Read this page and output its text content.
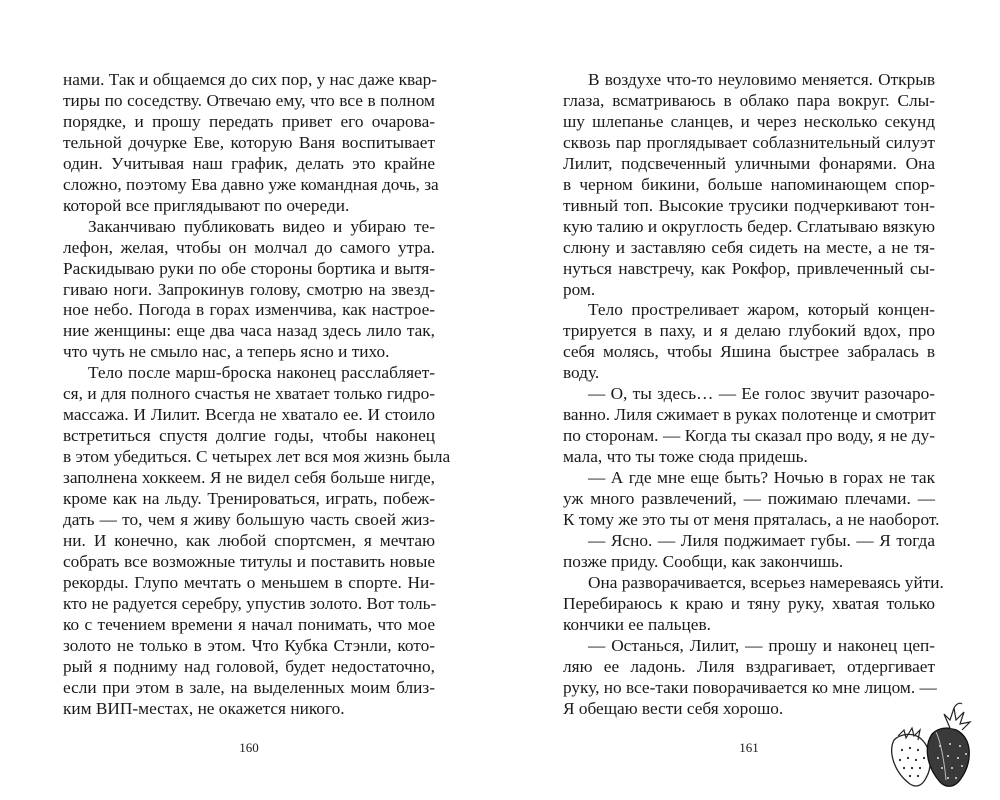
нами. Так и общаемся до сих пор, у нас даже квар-
тиры по соседству. Отвечаю ему, что все в полном
порядке, и прошу передать привет его очарова-
тельной дочурке Еве, которую Ваня воспитывает
один. Учитывая наш график, делать это крайне
сложно, поэтому Ева давно уже командная дочь, за
которой все приглядывают по очереди.

Заканчиваю публиковать видео и убираю те-
лефон, желая, чтобы он молчал до самого утра.
Раскидываю руки по обе стороны бортика и вытя-
гиваю ноги. Запрокинув голову, смотрю на звезд-
ное небо. Погода в горах изменчива, как настрое-
ние женщины: еще два часа назад здесь лило так,
что чуть не смыло нас, а теперь ясно и тихо.

Тело после марш-броска наконец расслабляет-
ся, и для полного счастья не хватает только гидро-
массажа. И Лилит. Всегда не хватало ее. И стоило
встретиться спустя долгие годы, чтобы наконец
в этом убедиться. С четырех лет вся моя жизнь была
заполнена хоккеем. Я не видел себя больше нигде,
кроме как на льду. Тренироваться, играть, побеж-
дать — то, чем я живу большую часть своей жиз-
ни. И конечно, как любой спортсмен, я мечтаю
собрать все возможные титулы и поставить новые
рекорды. Глупо мечтать о меньшем в спорте. Ни-
кто не радуется серебру, упустив золото. Вот толь-
ко с течением времени я начал понимать, что мое
золото не только в этом. Что Кубка Стэнли, кото-
рый я подниму над головой, будет недостаточно,
если при этом в зале, на выделенных моим близ-
ким ВИП-местах, не окажется никого.

В воздухе что-то неуловимо меняется. Открыв
глаза, всматриваюсь в облако пара вокруг. Слы-
шу шлепанье сланцев, и через несколько секунд
сквозь пар проглядывает соблазнительный силуэт
Лилит, подсвеченный уличными фонарями. Она
в черном бикини, больше напоминающем спор-
тивный топ. Высокие трусики подчеркивают тон-
кую талию и округлость бедер. Сглатываю вязкую
слюну и заставляю себя сидеть на месте, а не тя-
нуться навстречу, как Рокфор, привлеченный сы-
ром.

Тело простреливает жаром, который концен-
трируется в паху, и я делаю глубокий вдох, про
себя молясь, чтобы Яшина быстрее забралась в
воду.

— О, ты здесь… — Ее голос звучит разочаро-
ванно. Лиля сжимает в руках полотенце и смотрит
по сторонам. — Когда ты сказал про воду, я не ду-
мала, что ты тоже сюда придешь.

— А где мне еще быть? Ночью в горах не так
уж много развлечений, — пожимаю плечами. —
К тому же это ты от меня пряталась, а не наоборот.

— Ясно. — Лиля поджимает губы. — Я тогда
позже приду. Сообщи, как закончишь.

Она разворачивается, всерьез намереваясь уйти.
Перебираюсь к краю и тяну руку, хватая только
кончики ее пальцев.

— Останься, Лилит, — прошу и наконец цеп-
ляю ее ладонь. Лиля вздрагивает, отдергивает
руку, но все-таки поворачивается ко мне лицом. —
Я обещаю вести себя хорошо.

160	161
